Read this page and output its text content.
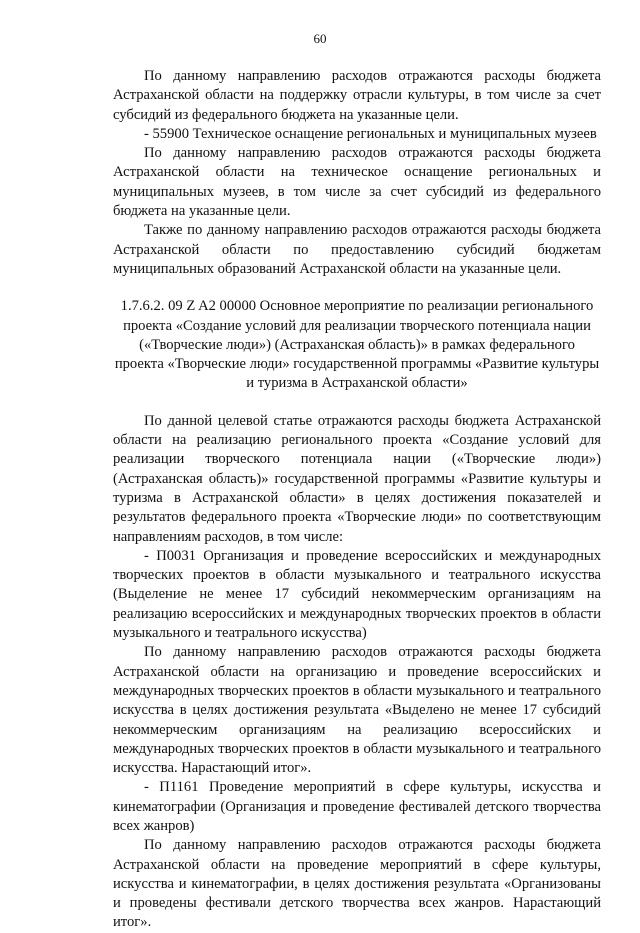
60

По данному направлению расходов отражаются расходы бюджета Астраханской области на поддержку отрасли культуры, в том числе за счет субсидий из федерального бюджета на указанные цели.

- 55900 Техническое оснащение региональных и муниципальных музеев

По данному направлению расходов отражаются расходы бюджета Астраханской области на техническое оснащение региональных и муниципальных музеев, в том числе за счет субсидий из федерального бюджета на указанные цели.

Также по данному направлению расходов отражаются расходы бюджета Астраханской области по предоставлению субсидий бюджетам муниципальных образований Астраханской области на указанные цели.

1.7.6.2. 09 Z A2 00000 Основное мероприятие по реализации регионального проекта «Создание условий для реализации творческого потенциала нации («Творческие люди») (Астраханская область)» в рамках федерального проекта «Творческие люди» государственной программы «Развитие культуры и туризма в Астраханской области»

По данной целевой статье отражаются расходы бюджета Астраханской области на реализацию регионального проекта «Создание условий для реализации творческого потенциала нации («Творческие люди») (Астраханская область)» государственной программы «Развитие культуры и туризма в Астраханской области» в целях достижения показателей и результатов федерального проекта «Творческие люди» по соответствующим направлениям расходов, в том числе:

- П0031 Организация и проведение всероссийских и международных творческих проектов в области музыкального и театрального искусства (Выделение не менее 17 субсидий некоммерческим организациям на реализацию всероссийских и международных творческих проектов в области музыкального и театрального искусства)

По данному направлению расходов отражаются расходы бюджета Астраханской области на организацию и проведение всероссийских и международных творческих проектов в области музыкального и театрального искусства в целях достижения результата «Выделено не менее 17 субсидий некоммерческим организациям на реализацию всероссийских и международных творческих проектов в области музыкального и театрального искусства. Нарастающий итог».

- П1161 Проведение мероприятий в сфере культуры, искусства и кинематографии (Организация и проведение фестивалей детского творчества всех жанров)

По данному направлению расходов отражаются расходы бюджета Астраханской области на проведение мероприятий в сфере культуры, искусства и кинематографии, в целях достижения результата «Организованы и проведены фестивали детского творчества всех жанров. Нарастающий итог».
